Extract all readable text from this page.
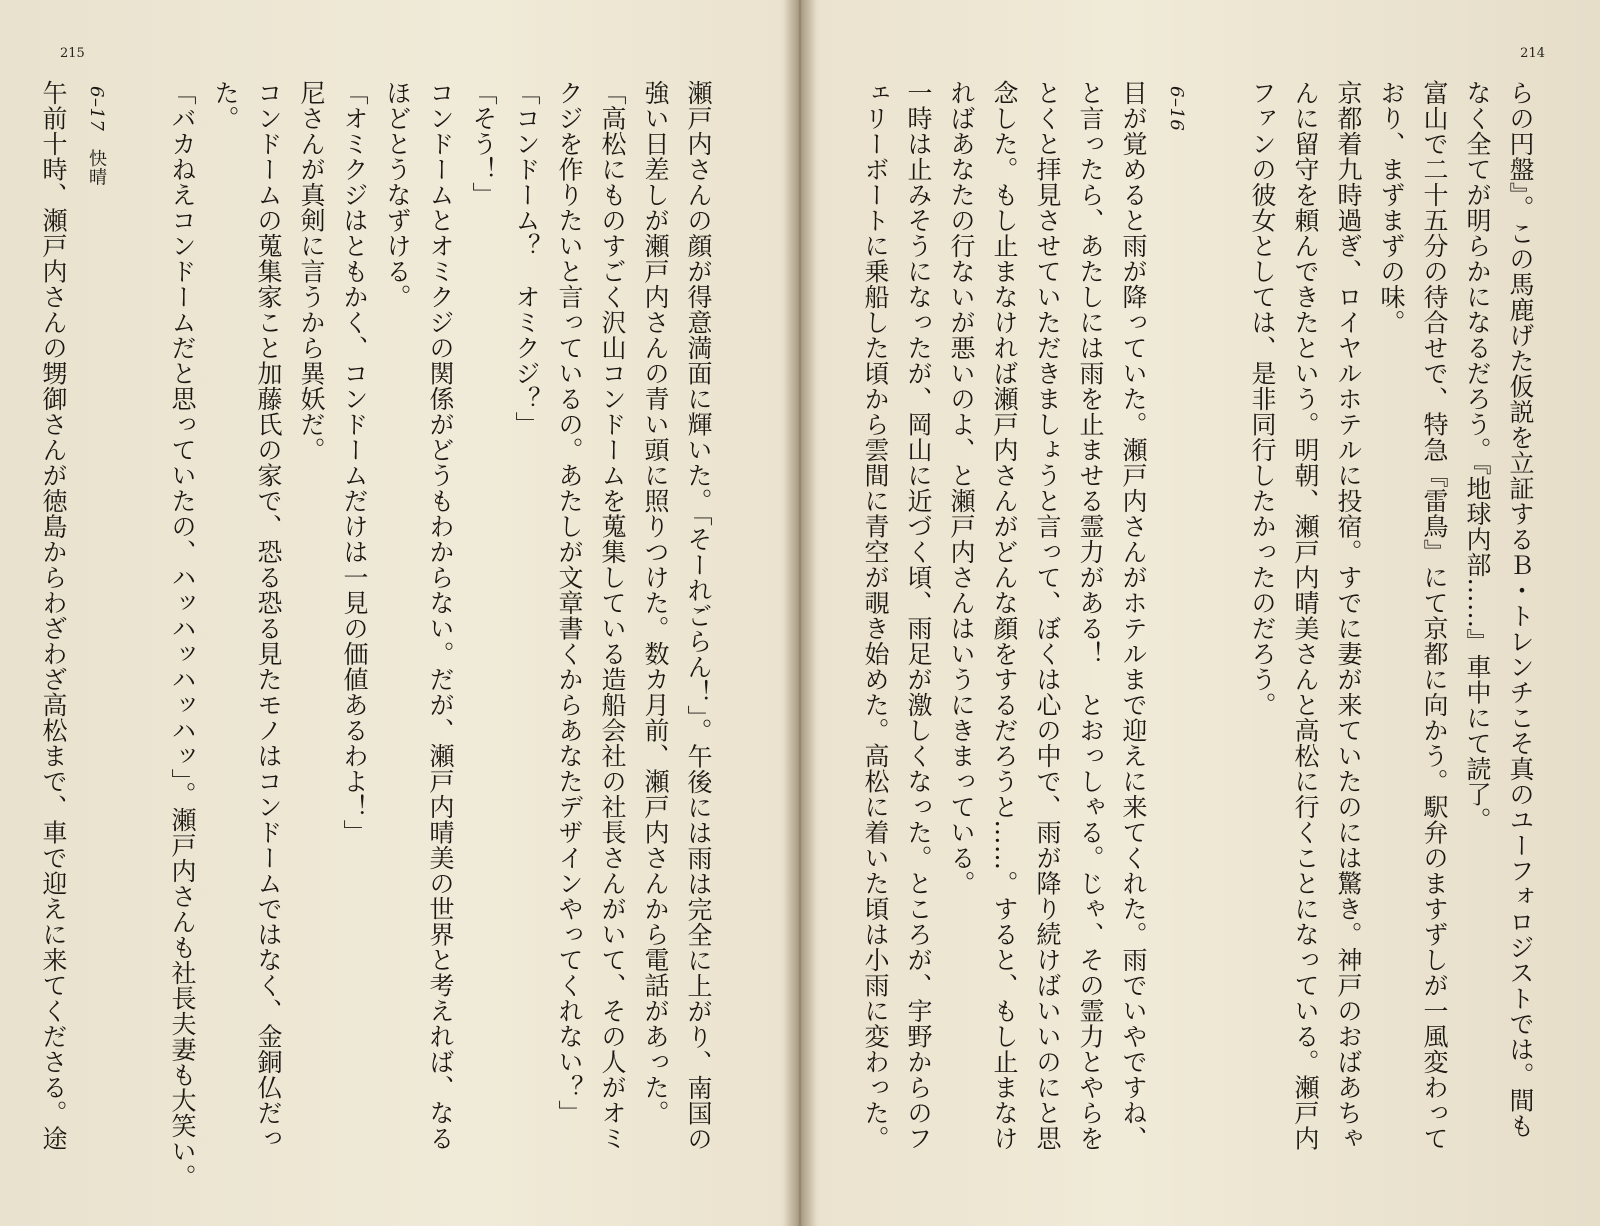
215
瀬戸内さんの顔が得意満面に輝いた。「そーれごらん！」。午後には雨は完全に上がり、南国の
強い日差しが瀬戸内さんの青い頭に照りつけた。数カ月前、瀬戸内さんから電話があった。
「高松にものすごく沢山コンドームを蒐集している造船会社の社長さんがいて、その人がオミ
クジを作りたいと言っているの。あたしが文章書くからあなたデザインやってくれない？」
「コンドーム？　オミクジ？」
「そう！」
コンドームとオミクジの関係がどうもわからない。だが、瀬戸内晴美の世界と考えれば、なる
ほどとうなずける。
「オミクジはともかく、コンドームだけは一見の価値あるわよ！」
尼さんが真剣に言うから異妖だ。
コンドームの蒐集家こと加藤氏の家で、恐る恐る見たモノはコンドームではなく、金銅仏だっ
た。
「バカねえコンドームだと思っていたの、ハッハッハッハッ」。瀬戸内さんも社長夫妻も大笑い。
6–17快晴
午前十時、瀬戸内さんの甥御さんが徳島からわざわざ高松まで、車で迎えに来てくださる。途
214
らの円盤』。この馬鹿げた仮説を立証するＢ・トレンチこそ真のユーフォロジストでは。間も
なく全てが明らかになるだろう。『地球内部……』車中にて読了。
富山で二十五分の待合せで、特急『雷鳥』にて京都に向かう。駅弁のますずしが一風変わって
おり、まずまずの味。
京都着九時過ぎ、ロイヤルホテルに投宿。すでに妻が来ていたのには驚き。神戸のおばあちゃ
んに留守を頼んできたという。明朝、瀬戸内晴美さんと高松に行くことになっている。瀬戸内
ファンの彼女としては、是非同行したかったのだろう。
6–16
目が覚めると雨が降っていた。瀬戸内さんがホテルまで迎えに来てくれた。雨でいやですね、
と言ったら、あたしには雨を止ませる霊力がある！　とおっしゃる。じゃ、その霊力とやらを
とくと拝見させていただきましょうと言って、ぼくは心の中で、雨が降り続けばいいのにと思
念した。もし止まなければ瀬戸内さんがどんな顔をするだろうと……。すると、もし止まなけ
ればあなたの行ないが悪いのよ、と瀬戸内さんはいうにきまっている。
一時は止みそうになったが、岡山に近づく頃、雨足が激しくなった。ところが、宇野からのフ
ェリーボートに乗船した頃から雲間に青空が覗き始めた。高松に着いた頃は小雨に変わった。
